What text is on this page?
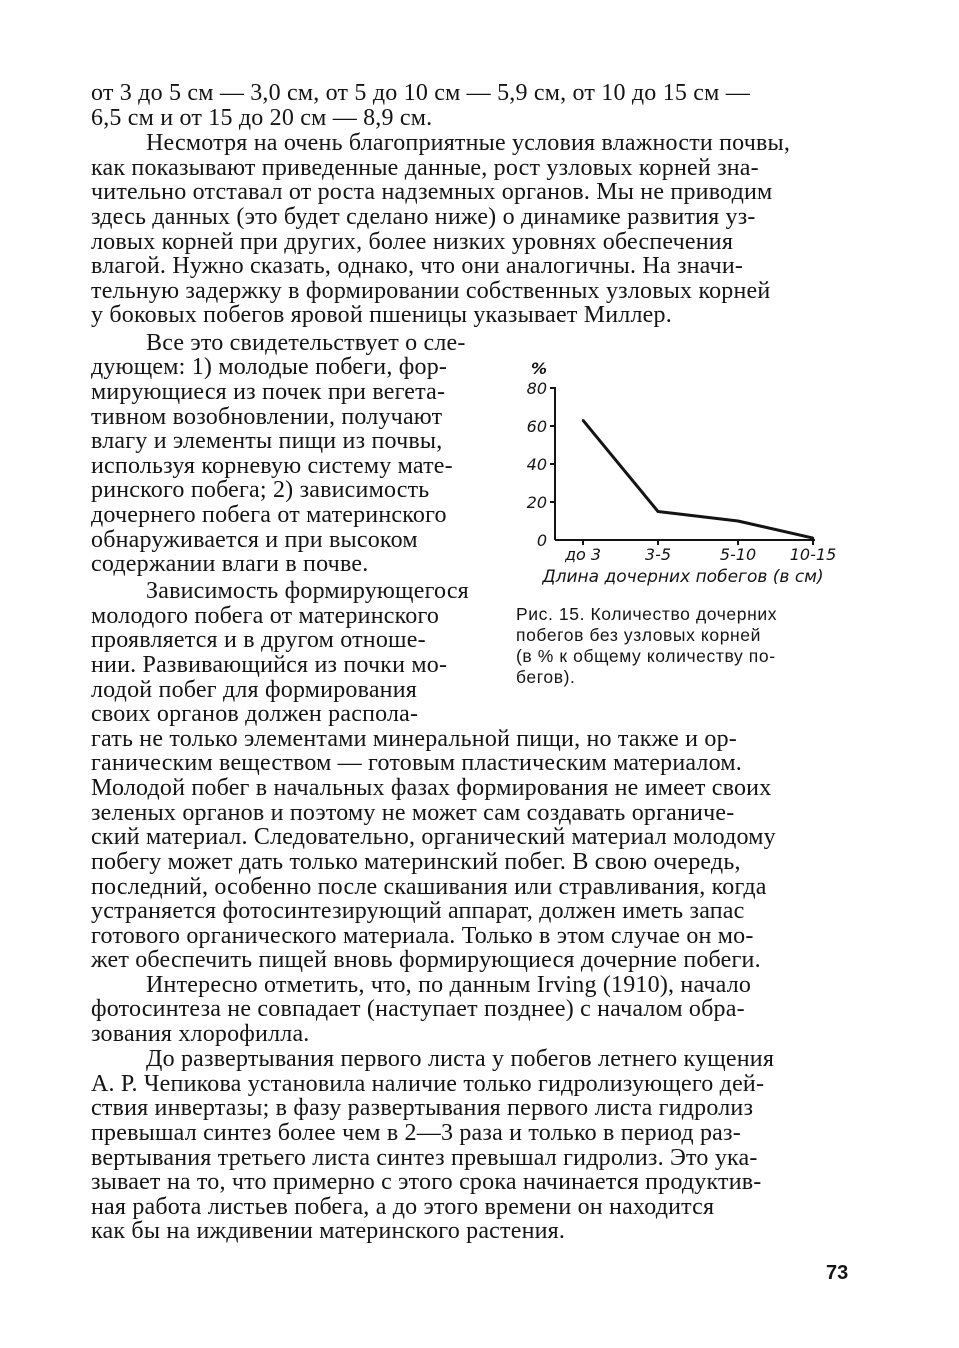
от 3 до 5 см — 3,0 см, от 5 до 10 см — 5,9 см, от 10 до 15 см —
6,5 см и от 15 до 20 см — 8,9 см.
Несмотря на очень благоприятные условия влажности почвы,
как показывают приведенные данные, рост узловых корней зна-
чительно отставал от роста надземных органов. Мы не приводим
здесь данных (это будет сделано ниже) о динамике развития уз-
ловых корней при других, более низких уровнях обеспечения
влагой. Нужно сказать, однако, что они аналогичны. На значи-
тельную задержку в формировании собственных узловых корней
у боковых побегов яровой пшеницы указывает Миллер.
Все это свидетельствует о сле-
дующем: 1) молодые побеги, фор-
мирующиеся из почек при вегета-
тивном возобновлении, получают
влагу и элементы пищи из почвы,
используя корневую систему мате-
ринского побега; 2) зависимость
дочернего побега от материнского
обнаруживается и при высоком
содержании влаги в почве.
Зависимость формирующегося
молодого побега от материнского
проявляется и в другом отноше-
нии. Развивающийся из почки мо-
лодой побег для формирования
своих органов должен распола-
гать не только элементами минеральной пищи, но также и ор-
ганическим веществом — готовым пластическим материалом.
Молодой побег в начальных фазах формирования не имеет своих
зеленых органов и поэтому не может сам создавать органиче-
ский материал. Следовательно, органический материал молодому
побегу может дать только материнский побег. В свою очередь,
последний, особенно после скашивания или стравливания, когда
устраняется фотосинтезирующий аппарат, должен иметь запас
готового органического материала. Только в этом случае он мо-
жет обеспечить пищей вновь формирующиеся дочерние побеги.
Интересно отметить, что, по данным Irving (1910), начало
фотосинтеза не совпадает (наступает позднее) с началом обра-
зования хлорофилла.
До развертывания первого листа у побегов летнего кущения
А. Р. Чепикова установила наличие только гидролизующего дей-
ствия инвертазы; в фазу развертывания первого листа гидролиз
превышал синтез более чем в 2—3 раза и только в период раз-
вертывания третьего листа синтез превышал гидролиз. Это ука-
зывает на то, что примерно с этого срока начинается продуктив-
ная работа листьев побега, а до этого времени он находится
как бы на иждивении материнского растения.
0
20
40
60
80
до 3	3-5	5-10 10-15
%
Длина дочерних побегов (в см)
Рис. 15. Количество дочерних
побегов без узловых корней
(в % к общему количеству по-
бегов).
73
